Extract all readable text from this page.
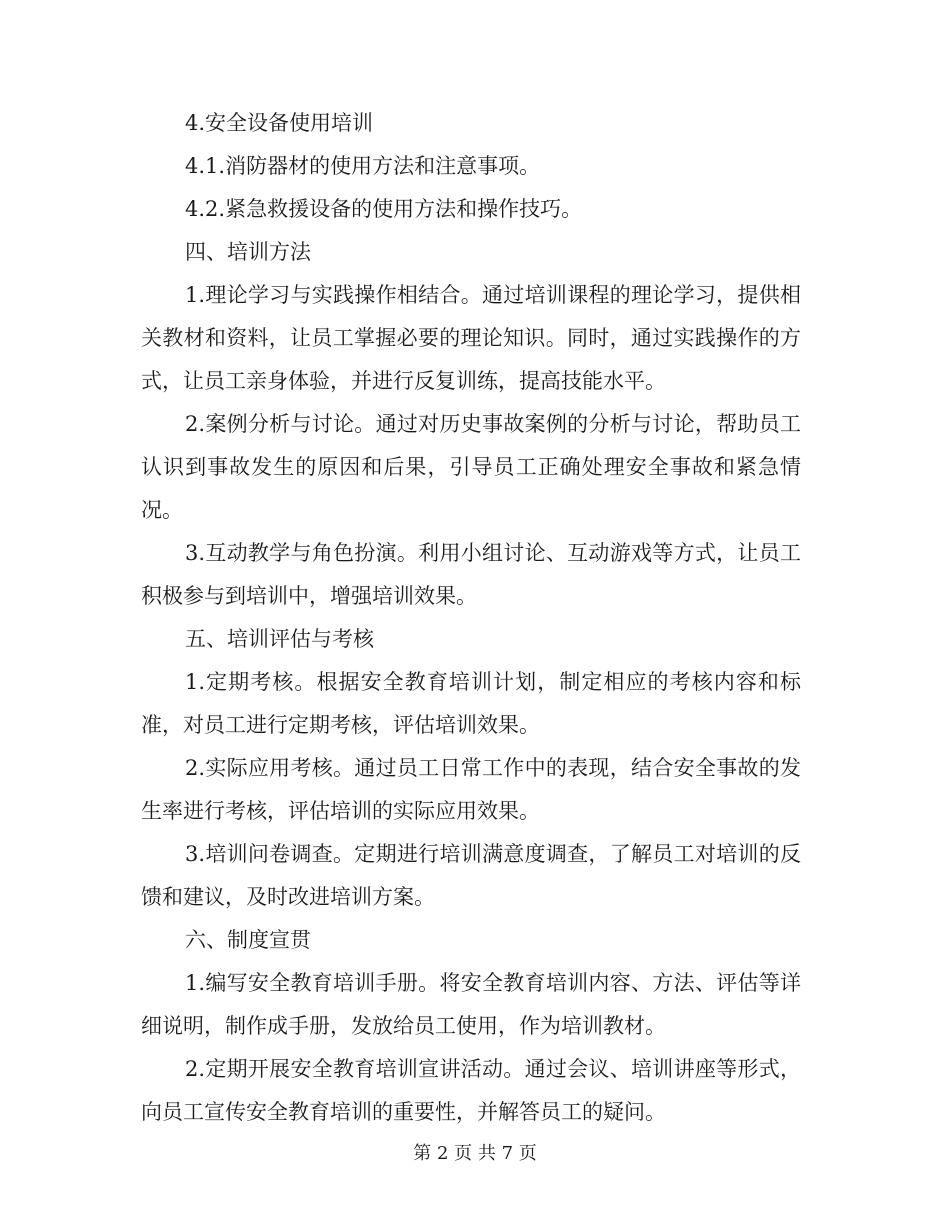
4.安全设备使用培训

4.1.消防器材的使用方法和注意事项。

4.2.紧急救援设备的使用方法和操作技巧。

四、培训方法

1.理论学习与实践操作相结合。通过培训课程的理论学习，提供相关教材和资料，让员工掌握必要的理论知识。同时，通过实践操作的方式，让员工亲身体验，并进行反复训练，提高技能水平。

2.案例分析与讨论。通过对历史事故案例的分析与讨论，帮助员工认识到事故发生的原因和后果，引导员工正确处理安全事故和紧急情况。

3.互动教学与角色扮演。利用小组讨论、互动游戏等方式，让员工积极参与到培训中，增强培训效果。

五、培训评估与考核

1.定期考核。根据安全教育培训计划，制定相应的考核内容和标准，对员工进行定期考核，评估培训效果。

2.实际应用考核。通过员工日常工作中的表现，结合安全事故的发生率进行考核，评估培训的实际应用效果。

3.培训问卷调查。定期进行培训满意度调查，了解员工对培训的反馈和建议，及时改进培训方案。

六、制度宣贯

1.编写安全教育培训手册。将安全教育培训内容、方法、评估等详细说明，制作成手册，发放给员工使用，作为培训教材。

2.定期开展安全教育培训宣讲活动。通过会议、培训讲座等形式，向员工宣传安全教育培训的重要性，并解答员工的疑问。

第 2 页 共 7 页
